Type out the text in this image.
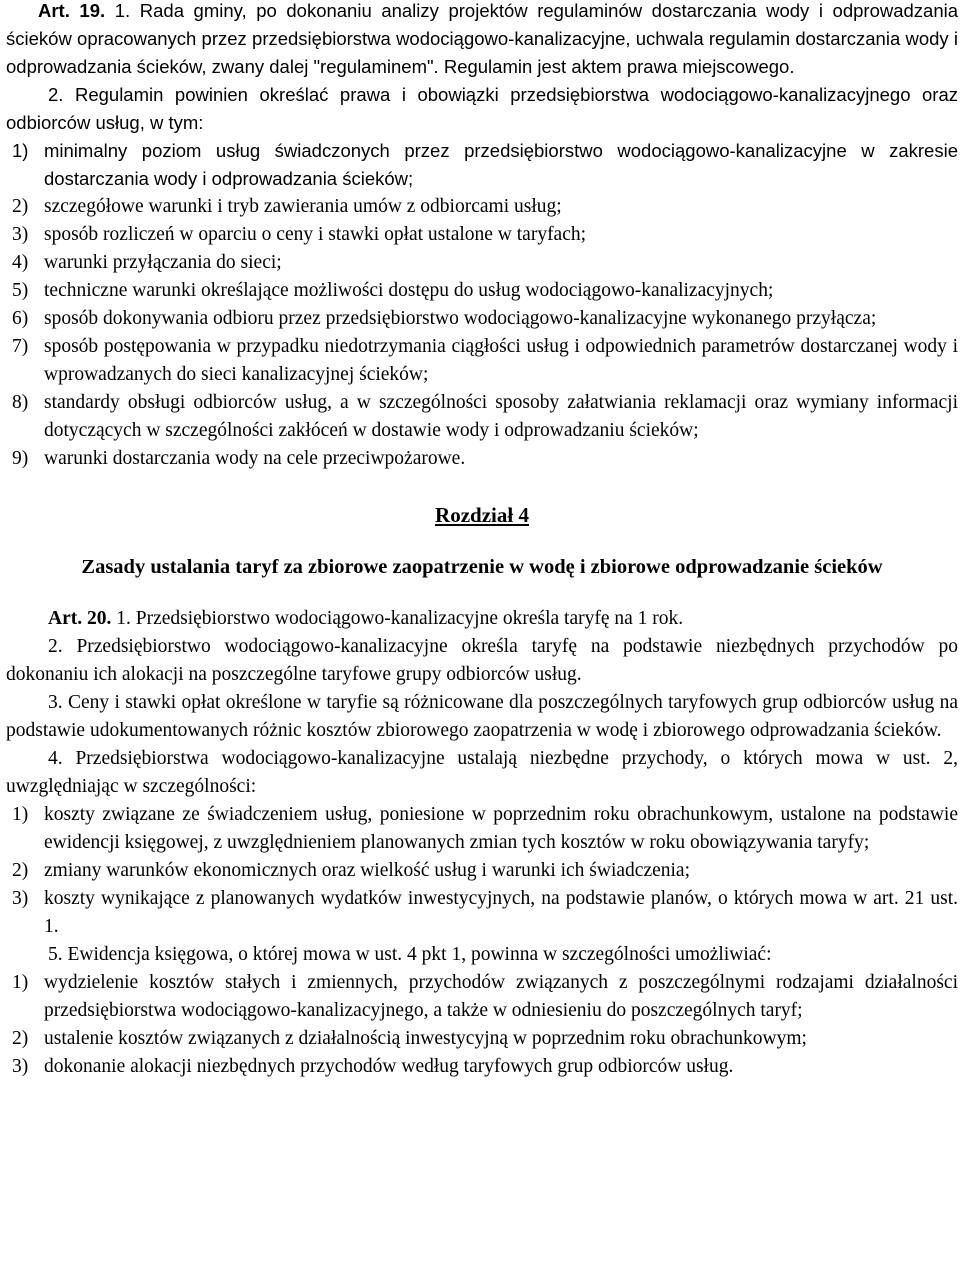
Art. 19. 1. Rada gminy, po dokonaniu analizy projektów regulaminów dostarczania wody i odprowadzania ścieków opracowanych przez przedsiębiorstwa wodociągowo-kanalizacyjne, uchwala regulamin dostarczania wody i odprowadzania ścieków, zwany dalej "regulaminem". Regulamin jest aktem prawa miejscowego.

2. Regulamin powinien określać prawa i obowiązki przedsiębiorstwa wodociągowo-kanalizacyjnego oraz odbiorców usług, w tym:

1) minimalny poziom usług świadczonych przez przedsiębiorstwo wodociągowo-kanalizacyjne w zakresie dostarczania wody i odprowadzania ścieków;
2) szczegółowe warunki i tryb zawierania umów z odbiorcami usług;
3) sposób rozliczeń w oparciu o ceny i stawki opłat ustalone w taryfach;
4) warunki przyłączania do sieci;
5) techniczne warunki określające możliwości dostępu do usług wodociągowo-kanalizacyjnych;
6) sposób dokonywania odbioru przez przedsiębiorstwo wodociągowo-kanalizacyjne wykonanego przyłącza;
7) sposób postępowania w przypadku niedotrzymania ciągłości usług i odpowiednich parametrów dostarczanej wody i wprowadzanych do sieci kanalizacyjnej ścieków;
8) standardy obsługi odbiorców usług, a w szczególności sposoby załatwiania reklamacji oraz wymiany informacji dotyczących w szczególności zakłóceń w dostawie wody i odprowadzaniu ścieków;
9) warunki dostarczania wody na cele przeciwpożarowe.

Rozdział 4

Zasady ustalania taryf za zbiorowe zaopatrzenie w wodę i zbiorowe odprowadzanie ścieków

Art. 20. 1. Przedsiębiorstwo wodociągowo-kanalizacyjne określa taryfę na 1 rok.

2. Przedsiębiorstwo wodociągowo-kanalizacyjne określa taryfę na podstawie niezbędnych przychodów po dokonaniu ich alokacji na poszczególne taryfowe grupy odbiorców usług.

3. Ceny i stawki opłat określone w taryfie są różnicowane dla poszczególnych taryfowych grup odbiorców usług na podstawie udokumentowanych różnic kosztów zbiorowego zaopatrzenia w wodę i zbiorowego odprowadzania ścieków.

4. Przedsiębiorstwa wodociągowo-kanalizacyjne ustalają niezbędne przychody, o których mowa w ust. 2, uwzględniając w szczególności:

1) koszty związane ze świadczeniem usług, poniesione w poprzednim roku obrachunkowym, ustalone na podstawie ewidencji księgowej, z uwzględnieniem planowanych zmian tych kosztów w roku obowiązywania taryfy;
2) zmiany warunków ekonomicznych oraz wielkość usług i warunki ich świadczenia;
3) koszty wynikające z planowanych wydatków inwestycyjnych, na podstawie planów, o których mowa w art. 21 ust. 1.

5. Ewidencja księgowa, o której mowa w ust. 4 pkt 1, powinna w szczególności umożliwiać:

1) wydzielenie kosztów stałych i zmiennych, przychodów związanych z poszczególnymi rodzajami działalności przedsiębiorstwa wodociągowo-kanalizacyjnego, a także w odniesieniu do poszczególnych taryf;
2) ustalenie kosztów związanych z działalnością inwestycyjną w poprzednim roku obrachunkowym;
3) dokonanie alokacji niezbędnych przychodów według taryfowych grup odbiorców usług.
